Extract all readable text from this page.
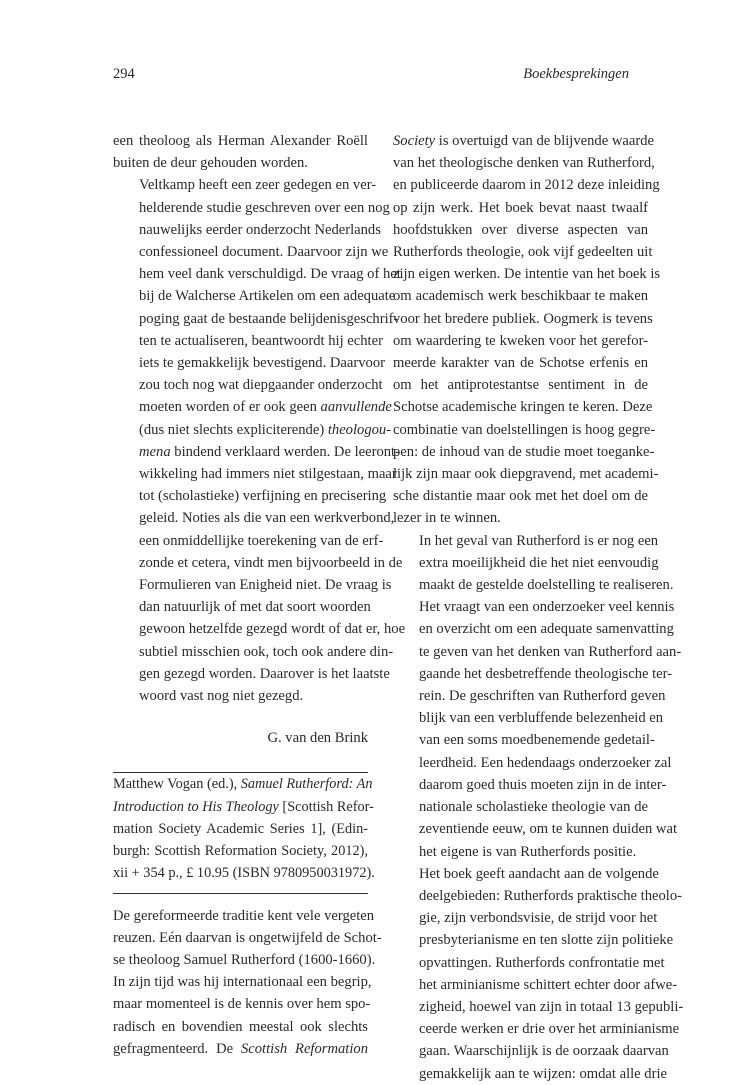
294	Boekbesprekingen

een theoloog als Herman Alexander Roëll
buiten de deur gehouden worden.

Veltkamp heeft een zeer gedegen en ver-
helderende studie geschreven over een nog
nauwelijks eerder onderzocht Nederlands
confessioneel document. Daarvoor zijn we
hem veel dank verschuldigd. De vraag of het
bij de Walcherse Artikelen om een adequate
poging gaat de bestaande belijdenisgeschrif-
ten te actualiseren, beantwoordt hij echter
iets te gemakkelijk bevestigend. Daarvoor
zou toch nog wat diepgaander onderzocht
moeten worden of er ook geen aanvullende
(dus niet slechts expliciterende) theologou-
mena bindend verklaard werden. De leeront-
wikkeling had immers niet stilgestaan, maar
tot (scholastieke) verfijning en precisering
geleid. Noties als die van een werkverbond,
een onmiddellijke toerekening van de erf-
zonde et cetera, vindt men bijvoorbeeld in de
Formulieren van Enigheid niet. De vraag is
dan natuurlijk of met dat soort woorden
gewoon hetzelfde gezegd wordt of dat er, hoe
subtiel misschien ook, toch ook andere din-
gen gezegd worden. Daarover is het laatste
woord vast nog niet gezegd.

G. van den Brink

Matthew Vogan (ed.), Samuel Rutherford: An
Introduction to His Theology [Scottish Refor-
mation Society Academic Series 1], (Edin-
burgh: Scottish Reformation Society, 2012),
xii + 354 p., £ 10.95 (ISBN 9780950031972).

De gereformeerde traditie kent vele vergeten
reuzen. Eén daarvan is ongetwijfeld de Schot-
se theoloog Samuel Rutherford (1600-1660).
In zijn tijd was hij internationaal een begrip,
maar momenteel is de kennis over hem spo-
radisch en bovendien meestal ook slechts
gefragmenteerd. De Scottish Reformation

Society is overtuigd van de blijvende waarde
van het theologische denken van Rutherford,
en publiceerde daarom in 2012 deze inleiding
op zijn werk. Het boek bevat naast twaalf
hoofdstukken over diverse aspecten van
Rutherfords theologie, ook vijf gedeelten uit
zijn eigen werken. De intentie van het boek is
om academisch werk beschikbaar te maken
voor het bredere publiek. Oogmerk is tevens
om waardering te kweken voor het gerefor-
meerde karakter van de Schotse erfenis en
om het antiprotestantse sentiment in de
Schotse academische kringen te keren. Deze
combinatie van doelstellingen is hoog gegre-
pen: de inhoud van de studie moet toeganke-
lijk zijn maar ook diepgravend, met academi-
sche distantie maar ook met het doel om de
lezer in te winnen.

In het geval van Rutherford is er nog een
extra moeilijkheid die het niet eenvoudig
maakt de gestelde doelstelling te realiseren.
Het vraagt van een onderzoeker veel kennis
en overzicht om een adequate samenvatting
te geven van het denken van Rutherford aan-
gaande het desbetreffende theologische ter-
rein. De geschriften van Rutherford geven
blijk van een verbluffende belezenheid en
van een soms moedbenemende gedetail-
leerdheid. Een hedendaags onderzoeker zal
daarom goed thuis moeten zijn in de inter-
nationale scholastieke theologie van de
zeventiende eeuw, om te kunnen duiden wat
het eigene is van Rutherfords positie.

Het boek geeft aandacht aan de volgende
deelgebieden: Rutherfords praktische theolo-
gie, zijn verbondsvisie, de strijd voor het
presbyterianisme en ten slotte zijn politieke
opvattingen. Rutherfords confrontatie met
het arminianisme schittert echter door afwe-
zigheid, hoewel van zijn in totaal 13 gepubli-
ceerde werken er drie over het arminianisme
gaan. Waarschijnlijk is de oorzaak daarvan
gemakkelijk aan te wijzen: omdat alle drie
